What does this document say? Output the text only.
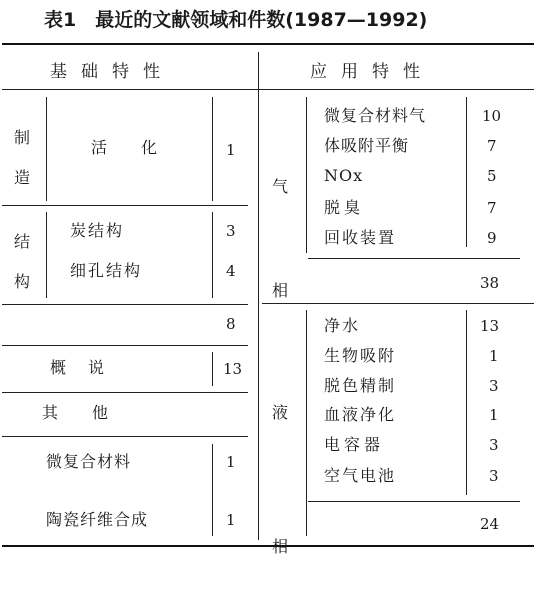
表1　最近的文献领域和件数(1987—1992)
基础特性	应用特性
制造
活化 1
结构
炭结构	3
细孔结构	4
8
概说	13
其 他
微复合材料	1
陶瓷纤维合成	1
气相
微复合材料气	10
体吸附平衡	7
NOx	5
脱臭	7
回收装置	9
38
液相
净水	13
生物吸附	1
脱色精制	3
血液净化	1
电容器	3
空气电池	3
24
